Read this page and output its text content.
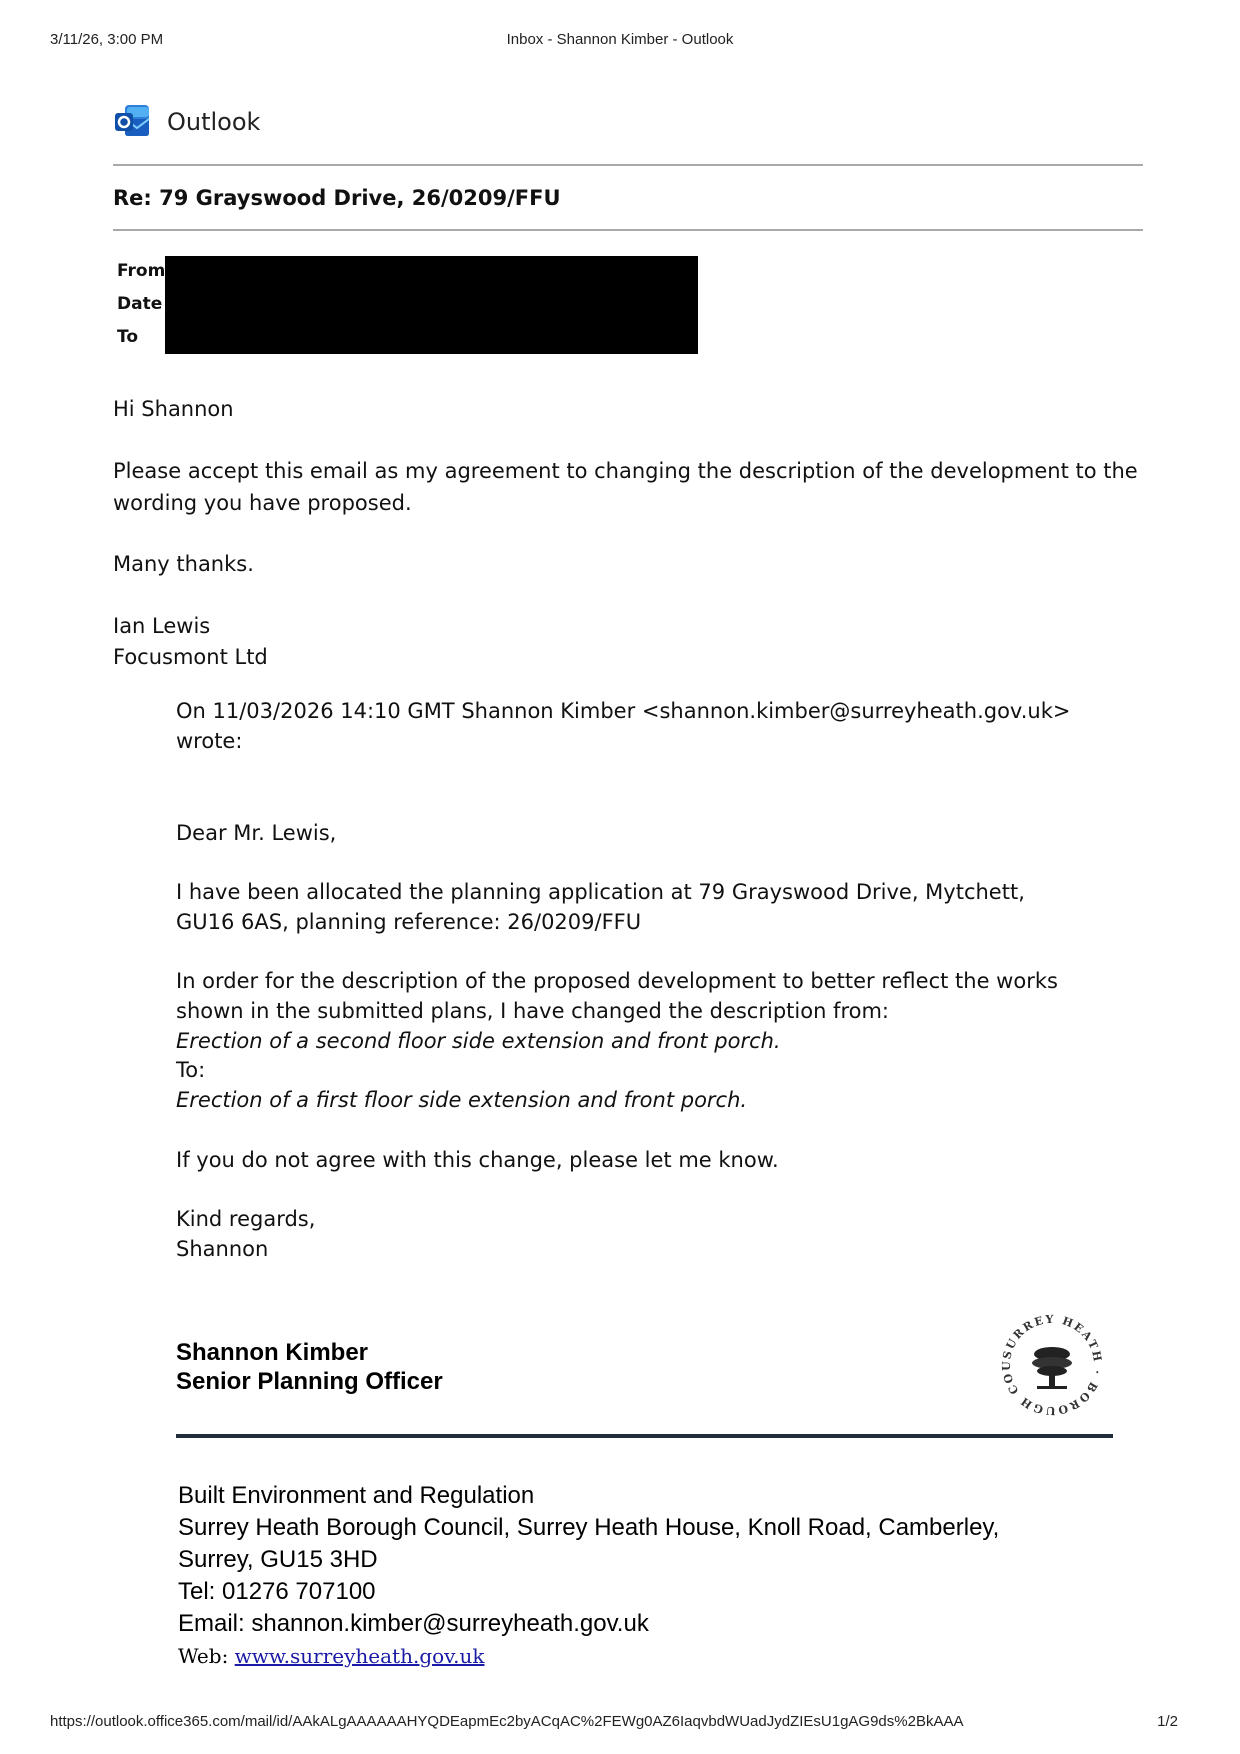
3/11/26, 3:00 PM	Inbox - Shannon Kimber - Outlook
Outlook
Re: 79 Grayswood Drive, 26/0209/FFU
From
Date
To
Hi Shannon
Please accept this email as my agreement to changing the description of the development to the wording you have proposed.
Many thanks.
Ian Lewis
Focusmont Ltd
On 11/03/2026 14:10 GMT Shannon Kimber <shannon.kimber@surreyheath.gov.uk> wrote:
Dear Mr. Lewis,
I have been allocated the planning application at 79 Grayswood Drive, Mytchett, GU16 6AS, planning reference: 26/0209/FFU
In order for the description of the proposed development to better reflect the works shown in the submitted plans, I have changed the description from:
Erection of a second floor side extension and front porch.
To:
Erection of a first floor side extension and front porch.
If you do not agree with this change, please let me know.
Kind regards,
Shannon
Shannon Kimber
Senior Planning Officer
SURREY HEATH · BOROUGH COU
Built Environment and Regulation
Surrey Heath Borough Council, Surrey Heath House, Knoll Road, Camberley,
Surrey, GU15 3HD
Tel: 01276 707100
Email: shannon.kimber@surreyheath.gov.uk
Web: www.surreyheath.gov.uk
https://outlook.office365.com/mail/id/AAkALgAAAAAAHYQDEapmEc2byACqAC%2FEWg0AZ6IaqvbdWUadJydZIEsU1gAG9ds%2BkAAA	1/2
